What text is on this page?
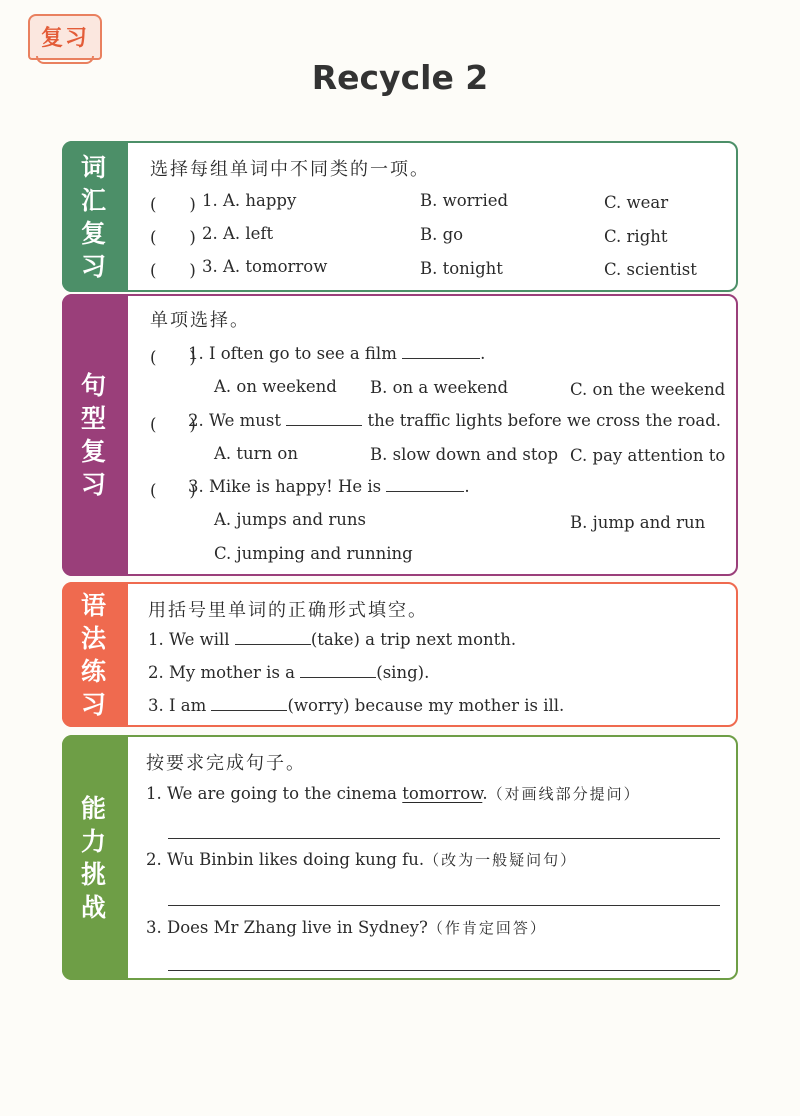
复习
Recycle 2
词汇复习
选择每组单词中不同类的一项。
(　　) 1. A. happy	B. worried	C. wear
(　　) 2. A. left	B. go	C. right
(　　) 3. A. tomorrow	B. tonight	C. scientist
句型复习
单项选择。
(　　)
1. I often go to see a film	.
A. on weekend B. on a weekend	C. on the weekend
(　　)
2. We must	the traffic lights before we cross the road.
A. turn on	B. slow down and stop C. pay attention to
(　　)
3. Mike is happy! He is	.
A. jumps and runs	B. jump and run
C. jumping and running
语法练习
用括号里单词的正确形式填空。
1. We will	(take) a trip next month.
2. My mother is a	(sing).
3. I am	(worry) because my mother is ill.
能力挑战
按要求完成句子。
1. We are going to the cinema tomorrow.（对画线部分提问）
2. Wu Binbin likes doing kung fu.（改为一般疑问句）
3. Does Mr Zhang live in Sydney?（作肯定回答）
